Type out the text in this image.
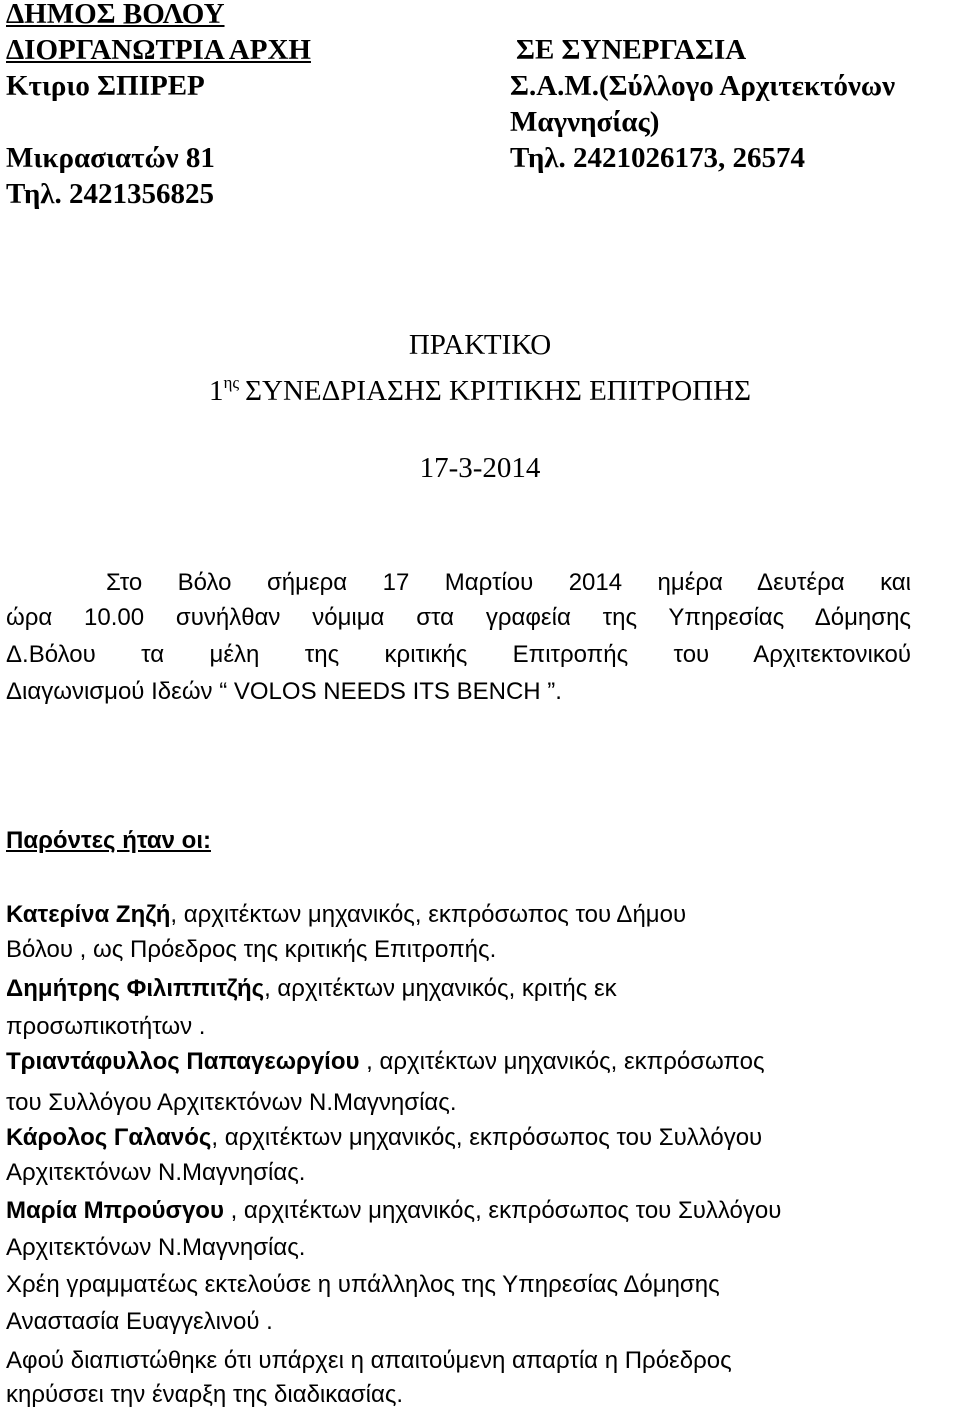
ΔΗΜΟΣ ΒΟΛΟΥ
ΔΙΟΡΓΑΝΩΤΡΙΑ ΑΡΧΗ
Κτιριο ΣΠΙΡΕΡ
Μικρασιατών 81
Τηλ. 2421356825
ΣΕ ΣΥΝΕΡΓΑΣΙΑ
Σ.Α.Μ.(Σύλλογο Αρχιτεκτόνων
Μαγνησίας)
Τηλ. 2421026173, 26574
ΠΡΑΚΤΙΚΟ
$1^{\eta\varsigma}$ ΣΥΝΕΔΡΙΑΣΗΣ ΚΡΙΤΙΚΗΣ ΕΠΙΤΡΟΠΗΣ
17-3-2014
Στο Βόλο σήμερα 17 Μαρτίου 2014 ημέρα Δευτέρα και
ώρα 10.00 συνήλθαν νόμιμα στα γραφεία της Υπηρεσίας Δόμησης
Δ.Βόλου τα μέλη της κριτικής Επιτροπής του Αρχιτεκτονικού
Διαγωνισμού Ιδεών “ VOLOS NEEDS ITS BENCH ”.
Παρόντες ήταν οι:
Κατερίνα Ζηζή, αρχιτέκτων μηχανικός, εκπρόσωπος του Δήμου
Βόλου , ως Πρόεδρος της κριτικής Επιτροπής.
Δημήτρης Φιλιππιτζής, αρχιτέκτων μηχανικός, κριτής εκ
προσωπικοτήτων .
Τριαντάφυλλος Παπαγεωργίου , αρχιτέκτων μηχανικός, εκπρόσωπος
του Συλλόγου Αρχιτεκτόνων Ν.Μαγνησίας.
Κάρολος Γαλανός, αρχιτέκτων μηχανικός, εκπρόσωπος του Συλλόγου
Αρχιτεκτόνων Ν.Μαγνησίας.
Μαρία Μπρούσγου , αρχιτέκτων μηχανικός, εκπρόσωπος του Συλλόγου
Αρχιτεκτόνων Ν.Μαγνησίας.
Χρέη γραμματέως εκτελούσε η υπάλληλος της Υπηρεσίας Δόμησης
Αναστασία Ευαγγελινού .
Αφού διαπιστώθηκε ότι υπάρχει η απαιτούμενη απαρτία η Πρόεδρος
κηρύσσει την έναρξη της διαδικασίας.
